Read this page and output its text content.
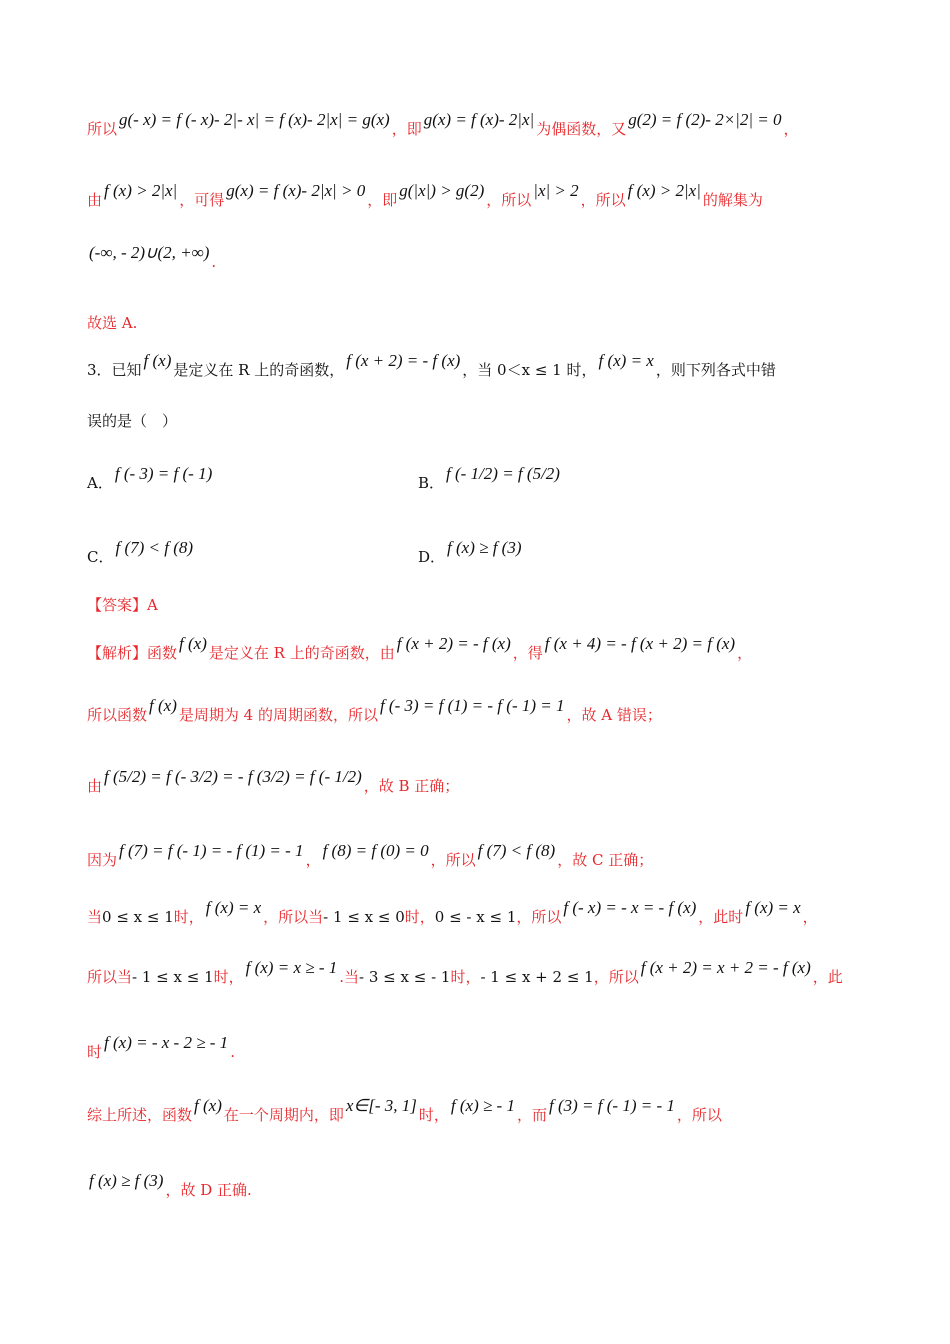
所以 g(- x) = f (- x)- 2|- x| = f (x)- 2|x| = g(x) ，即 g(x) = f (x)- 2|x| 为偶函数，又 g(2) = f (2)- 2×|2| = 0 ，
由 f (x) > 2|x| ，可得 g(x) = f (x)- 2|x| > 0 ，即 g(|x|) > g(2) ，所以 |x| > 2 ，所以 f (x) > 2|x| 的解集为
(-∞, - 2)∪(2, +∞) .
故选 A.
3．已知 f (x) 是定义在 R 上的奇函数， f (x + 2) = - f (x) ，当 0＜x ≤ 1 时， f (x) = x ，则下列各式中错
误的是（　）
A． f (- 3) = f (- 1)	B． f (- 1/2) = f (5/2)
C． f (7) < f (8)	D． f (x) ≥ f (3)
【答案】A
【解析】函数 f (x) 是定义在 R 上的奇函数，由 f (x + 2) = - f (x) ，得 f (x + 4) = - f (x + 2) = f (x) ，
所以函数 f (x) 是周期为 4 的周期函数，所以 f (- 3) = f (1) = - f (- 1) = 1 ，故 A 错误；
由 f (5/2) = f (- 3/2) = - f (3/2) = f (- 1/2) ，故 B 正确；
因为 f (7) = f (- 1) = - f (1) = - 1 ， f (8) = f (0) = 0 ，所以 f (7) < f (8) ，故 C 正确；
当0 ≤ x ≤ 1时， f (x) = x ，所以当- 1 ≤ x ≤ 0时，0 ≤ - x ≤ 1，所以 f (- x) = - x = - f (x) ，此时 f (x) = x ，
所以当- 1 ≤ x ≤ 1时， f (x) = x ≥ - 1 .当- 3 ≤ x ≤ - 1时，- 1 ≤ x + 2 ≤ 1，所以 f (x + 2) = x + 2 = - f (x) ，此
时 f (x) = - x - 2 ≥ - 1 .
综上所述，函数 f (x) 在一个周期内，即 x∈[- 3, 1] 时， f (x) ≥ - 1 ，而 f (3) = f (- 1) = - 1 ，所以
f (x) ≥ f (3) ，故 D 正确.
